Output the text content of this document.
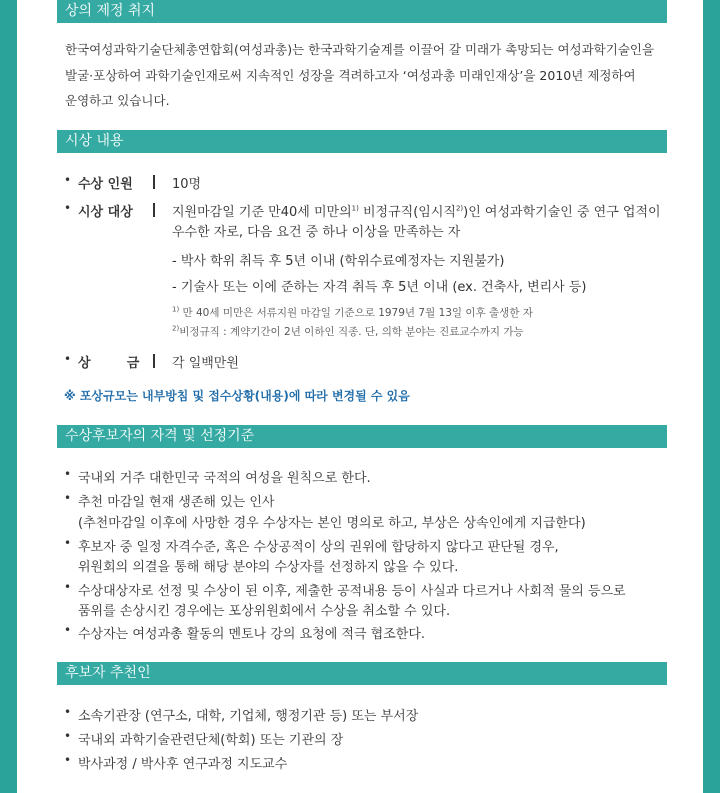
상의 제정 취지
한국여성과학기술단체총연합회(여성과총)는 한국과학기술계를 이끌어 갈 미래가 촉망되는 여성과학기술인을
발굴·포상하여 과학기술인재로써 지속적인 성장을 격려하고자 ‘여성과총 미래인재상’을 2010년 제정하여
운영하고 있습니다.
시상 내용
• 수상 인원	10명
• 시상 대상	지원마감일 기준 만40세 미만의$^{1)}$ 비정규직(임시직$^{2)}$)인 여성과학기술인 중 연구 업적이
우수한 자로, 다음 요건 중 하나 이상을 만족하는 자
- 박사 학위 취득 후 5년 이내 (학위수료예정자는 지원불가)
- 기술사 또는 이에 준하는 자격 취득 후 5년 이내 (ex. 건축사, 변리사 등)
$^{1)}$ 만 40세 미만은 서류지원 마감일 기준으로 1979년 7월 13일 이후 출생한 자
$^{2)}$비정규직 : 계약기간이 2년 이하인 직종. 단, 의학 분야는 진료교수까지 가능
• 상        금	각 일백만원
※ 포상규모는 내부방침 및 접수상황(내용)에 따라 변경될 수 있음
수상후보자의 자격 및 선정기준
• 국내외 거주 대한민국 국적의 여성을 원칙으로 한다.
• 추천 마감일 현재 생존해 있는 인사
(추천마감일 이후에 사망한 경우 수상자는 본인 명의로 하고, 부상은 상속인에게 지급한다)
• 후보자 중 일정 자격수준, 혹은 수상공적이 상의 권위에 합당하지 않다고 판단될 경우,
위원회의 의결을 통해 해당 분야의 수상자를 선정하지 않을 수 있다.
• 수상대상자로 선정 및 수상이 된 이후, 제출한 공적내용 등이 사실과 다르거나 사회적 물의 등으로
품위를 손상시킨 경우에는 포상위원회에서 수상을 취소할 수 있다.
• 수상자는 여성과총 활동의 멘토나 강의 요청에 적극 협조한다.
후보자 추천인
• 소속기관장 (연구소, 대학, 기업체, 행정기관 등) 또는 부서장
• 국내외 과학기술관련단체(학회) 또는 기관의 장
• 박사과정 / 박사후 연구과정 지도교수
